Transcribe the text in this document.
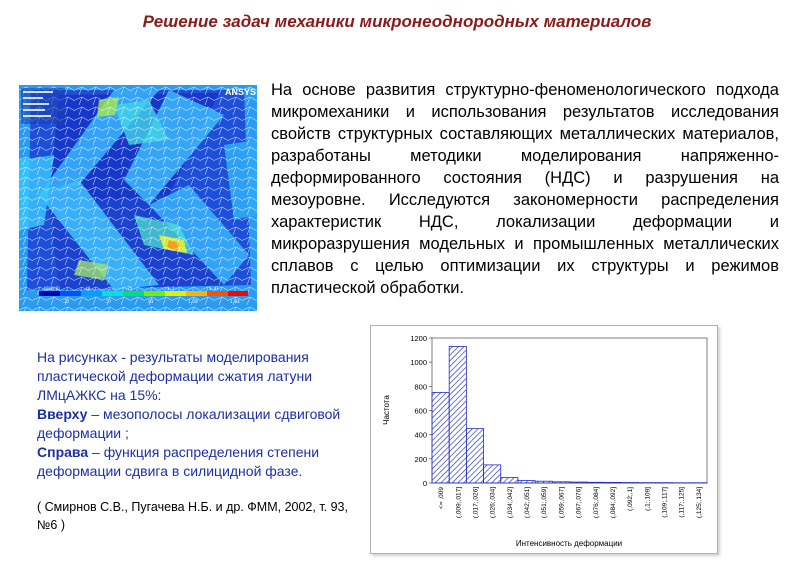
Решение задач механики микронеоднородных материалов
ANSYS
.460E-01
.22
.40
.57
.75
.93
1.1
1.28
1.47
1.64
На основе развития структурно-феноменологического подхода микромеханики и использования результатов исследования свойств структурных составляющих металлических материалов, разработаны методики моделирования напряженно-деформированного состояния (НДС) и разрушения на мезоуровне. Исследуются закономерности распределения характеристик НДС, локализации деформации и микроразрушения модельных и промышленных металлических сплавов с целью оптимизации их структуры и режимов пластической обработки.
На рисунках - результаты моделирования пластической деформации сжатия латуни ЛМцАЖКС на 15%:
Вверху – мезополосы локализации сдвиговой деформации ;
Справа – функция распределения степени деформации сдвига в силицидной фазе.
( Смирнов С.В., Пугачева Н.Б. и др. ФММ, 2002, т. 93, №6 )
0
200
400
600
800
1000
1200
<= ,009 (,009;,017] (,017;,026] (,026;,034] (,034;,042] (,042;,051] (,051;,059] (,059;,067] (,067;,076] (,076;,084] (,084;,092] (,092;,1] (,1;,109] (,109;,117] (,117;,125] (,125;,134]
Частота
Интенсивность деформации
